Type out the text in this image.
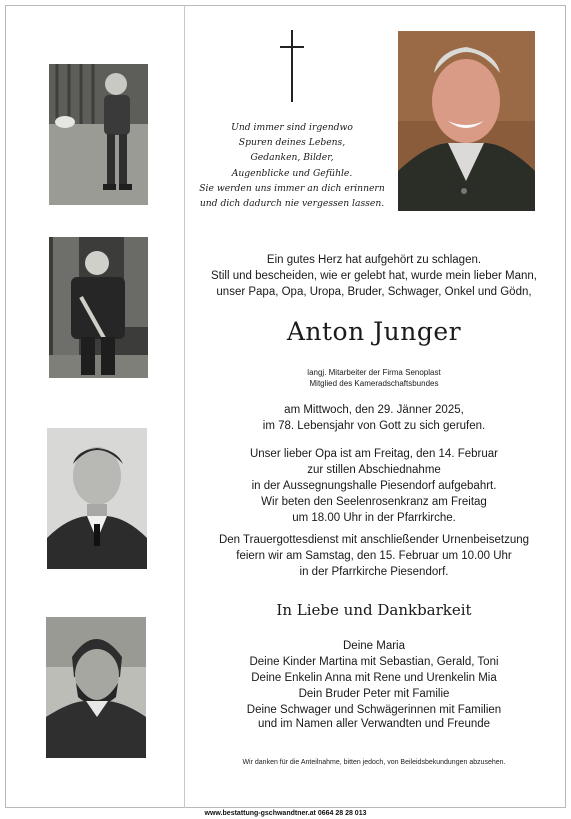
Und immer sind irgendwo
Spuren deines Lebens,
Gedanken, Bilder,
Augenblicke und Gefühle.
Sie werden uns immer an dich erinnern
und dich dadurch nie vergessen lassen.
Ein gutes Herz hat aufgehört zu schlagen.
Still und bescheiden, wie er gelebt hat, wurde mein lieber Mann,
unser Papa, Opa, Uropa, Bruder, Schwager, Onkel und Gödn,
Anton Junger
langj. Mitarbeiter der Firma Senoplast
Mitglied des Kameradschaftsbundes
am Mittwoch, den 29. Jänner 2025,
im 78. Lebensjahr von Gott zu sich gerufen.
Unser lieber Opa ist am Freitag, den 14. Februar
zur stillen Abschiednahme
in der Aussegnungshalle Piesendorf aufgebahrt.
Wir beten den Seelenrosenkranz am Freitag
um 18.00 Uhr in der Pfarrkirche.
Den Trauergottesdienst mit anschließender Urnenbeisetzung
feiern wir am Samstag, den 15. Februar um 10.00 Uhr
in der Pfarrkirche Piesendorf.
In Liebe und Dankbarkeit
Deine Maria
Deine Kinder Martina mit Sebastian, Gerald, Toni
Deine Enkelin Anna mit Rene und Urenkelin Mia
Dein Bruder Peter mit Familie
Deine Schwager und Schwägerinnen mit Familien
und im Namen aller Verwandten und Freunde
Wir danken für die Anteilnahme, bitten jedoch, von Beileidsbekundungen abzusehen.
www.bestattung-gschwandtner.at 0664 28 28 013
